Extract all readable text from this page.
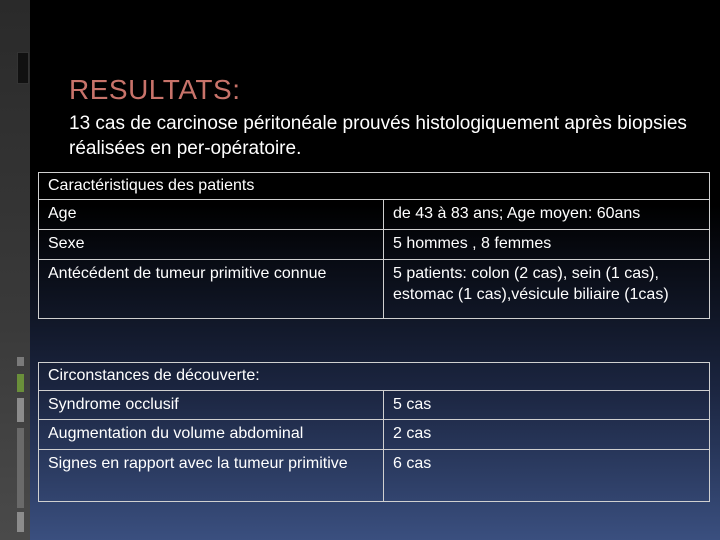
RESULTATS:

13 cas de carcinose péritonéale prouvés histologiquement après biopsies réalisées en per-opératoire.

Caractéristiques des patients	
Age	de 43 à 83 ans; Age moyen: 60ans
Sexe	5 hommes , 8 femmes
Antécédent de tumeur primitive connue	5 patients: colon (2 cas), sein (1 cas), estomac (1 cas),vésicule biliaire (1cas)
Circonstances de découverte:	
Syndrome occlusif	5 cas
Augmentation du volume abdominal	2 cas
Signes en rapport avec la tumeur primitive	6 cas
